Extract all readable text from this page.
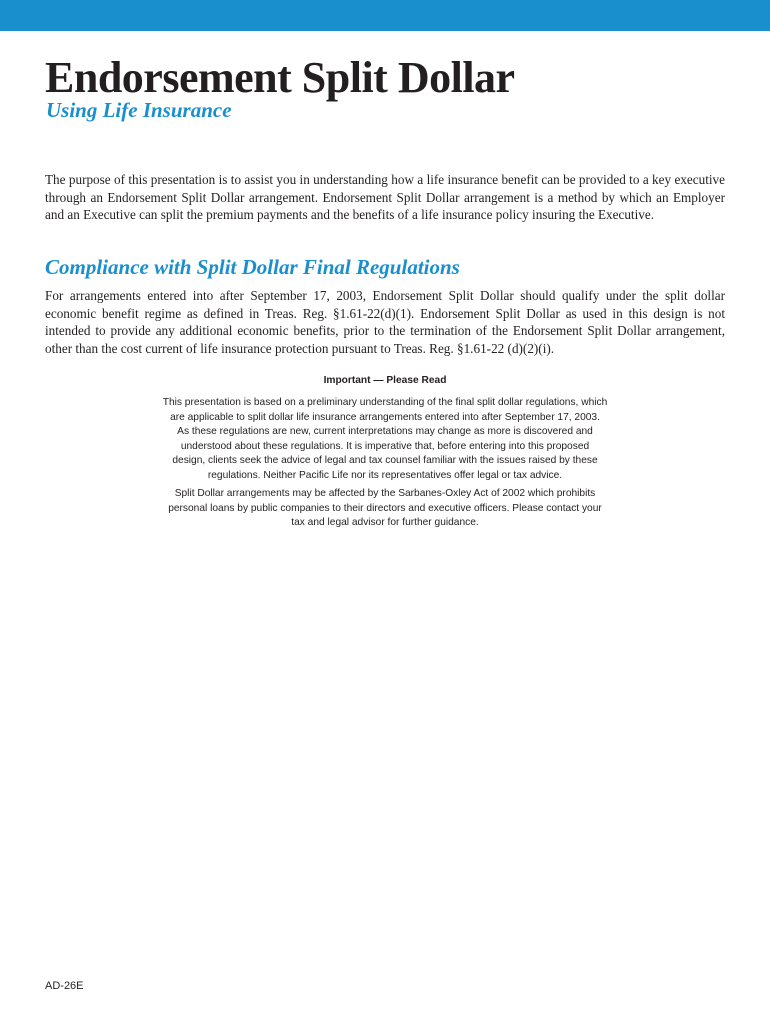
Endorsement Split Dollar
Using Life Insurance

The purpose of this presentation is to assist you in understanding how a life insurance benefit can be provided to a key executive through an Endorsement Split Dollar arrangement. Endorsement Split Dollar arrangement is a method by which an Employer and an Executive can split the premium payments and the benefits of a life insurance policy insuring the Executive.

Compliance with Split Dollar Final Regulations

For arrangements entered into after September 17, 2003, Endorsement Split Dollar should qualify under the split dollar economic benefit regime as defined in Treas. Reg. §1.61-22(d)(1). Endorsement Split Dollar as used in this design is not intended to provide any additional economic benefits, prior to the termination of the Endorsement Split Dollar arrangement, other than the cost current of life insurance protection pursuant to Treas. Reg. §1.61-22 (d)(2)(i).

Important — Please Read

This presentation is based on a preliminary understanding of the final split dollar regulations, which
are applicable to split dollar life insurance arrangements entered into after September 17, 2003.
As these regulations are new, current interpretations may change as more is discovered and
understood about these regulations. It is imperative that, before entering into this proposed
design, clients seek the advice of legal and tax counsel familiar with the issues raised by these
regulations. Neither Pacific Life nor its representatives offer legal or tax advice.

Split Dollar arrangements may be affected by the Sarbanes-Oxley Act of 2002 which prohibits
personal loans by public companies to their directors and executive officers. Please contact your
tax and legal advisor for further guidance.

AD-26E
